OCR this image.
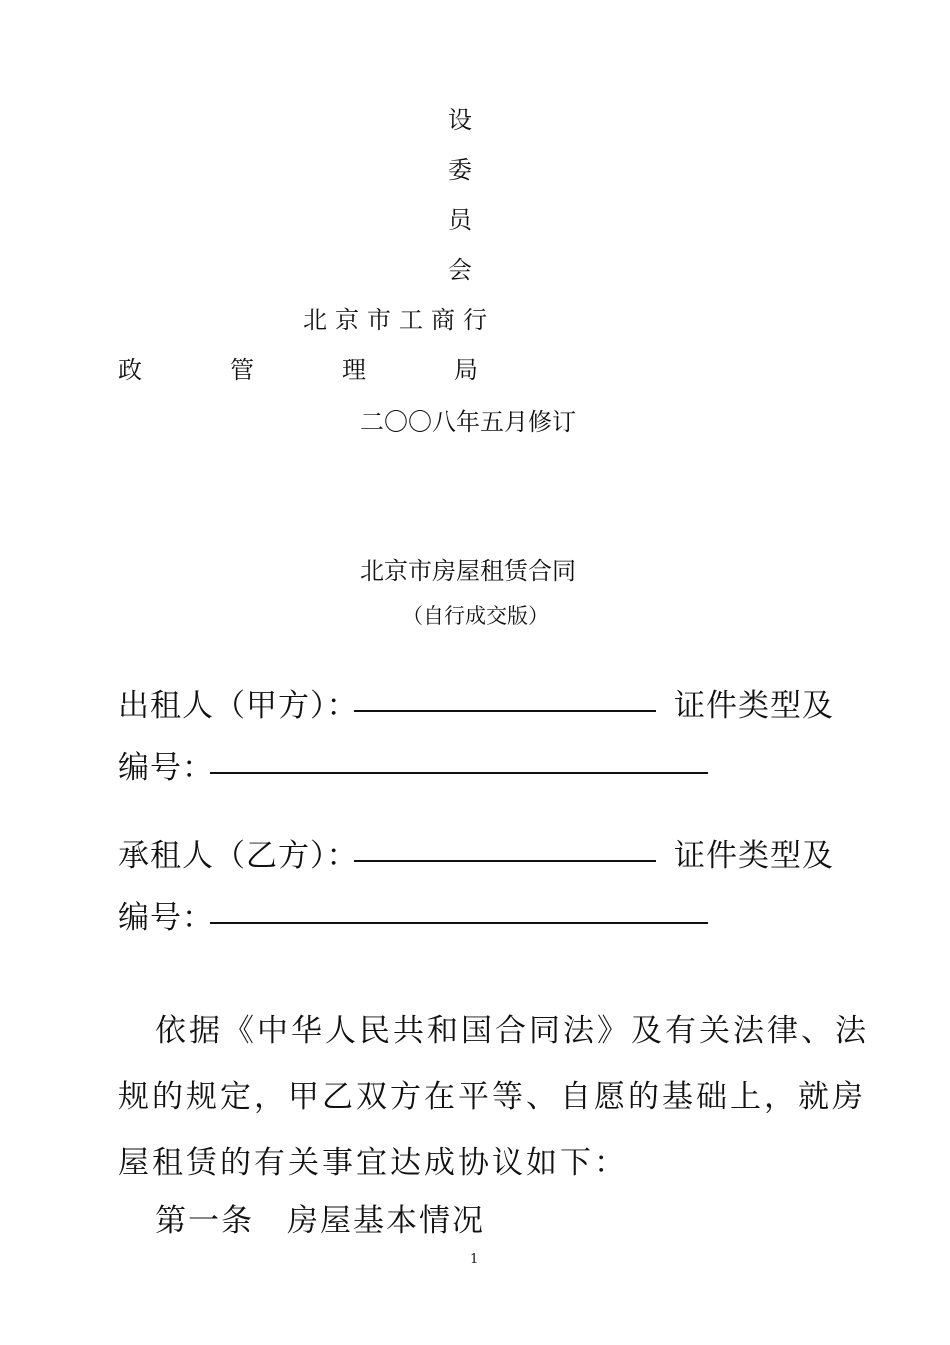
设
委
员
会
北京市工商行
政	管	理	局
二〇〇八年五月修订
北京市房屋租赁合同
（自行成交版）
出租人（甲方）：	证件类型及
编号：
承租人（乙方）：	证件类型及
编号：
依据《中华人民共和国合同法》及有关法律、法
规的规定，甲乙双方在平等、自愿的基础上，就房
屋租赁的有关事宜达成协议如下：
第一条　房屋基本情况
1
